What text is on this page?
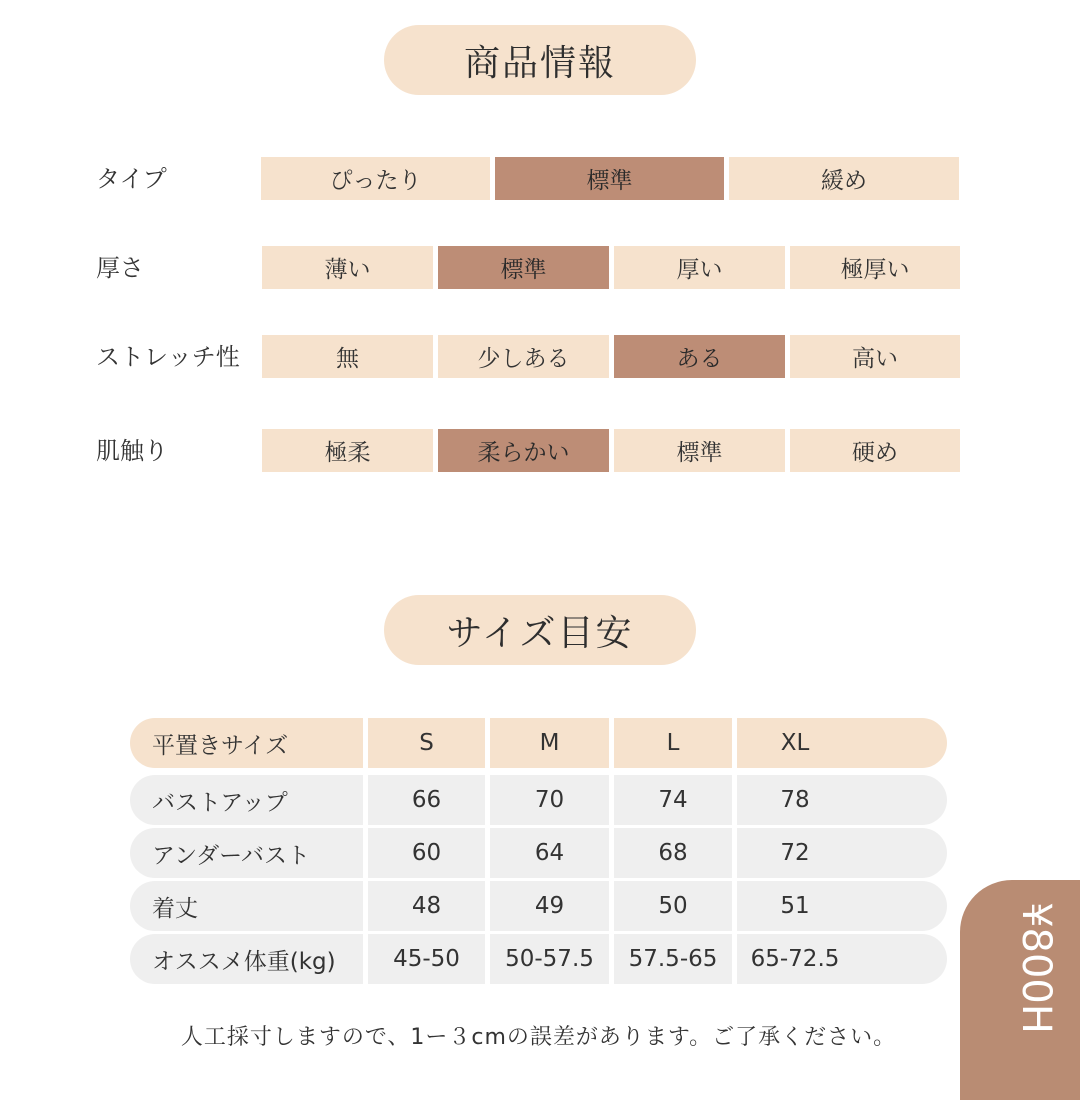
商品情報
タイプ	ぴったり	標準	緩め
厚さ	薄い	標準	厚い	極厚い
ストレッチ性	無	少しある	ある	高い
肌触り	極柔	柔らかい	標準	硬め
サイズ目安
平置きサイズ	S	M	L	XL
バストアップ	66	70	74	78
アンダーバスト	60	64	68	72
着丈	48	49	50	51
オススメ体重(kg)	45-50	50-57.5	57.5-65	65-72.5
人工採寸しますので、1ー３cmの誤差があります。ご了承ください。
¥800H
